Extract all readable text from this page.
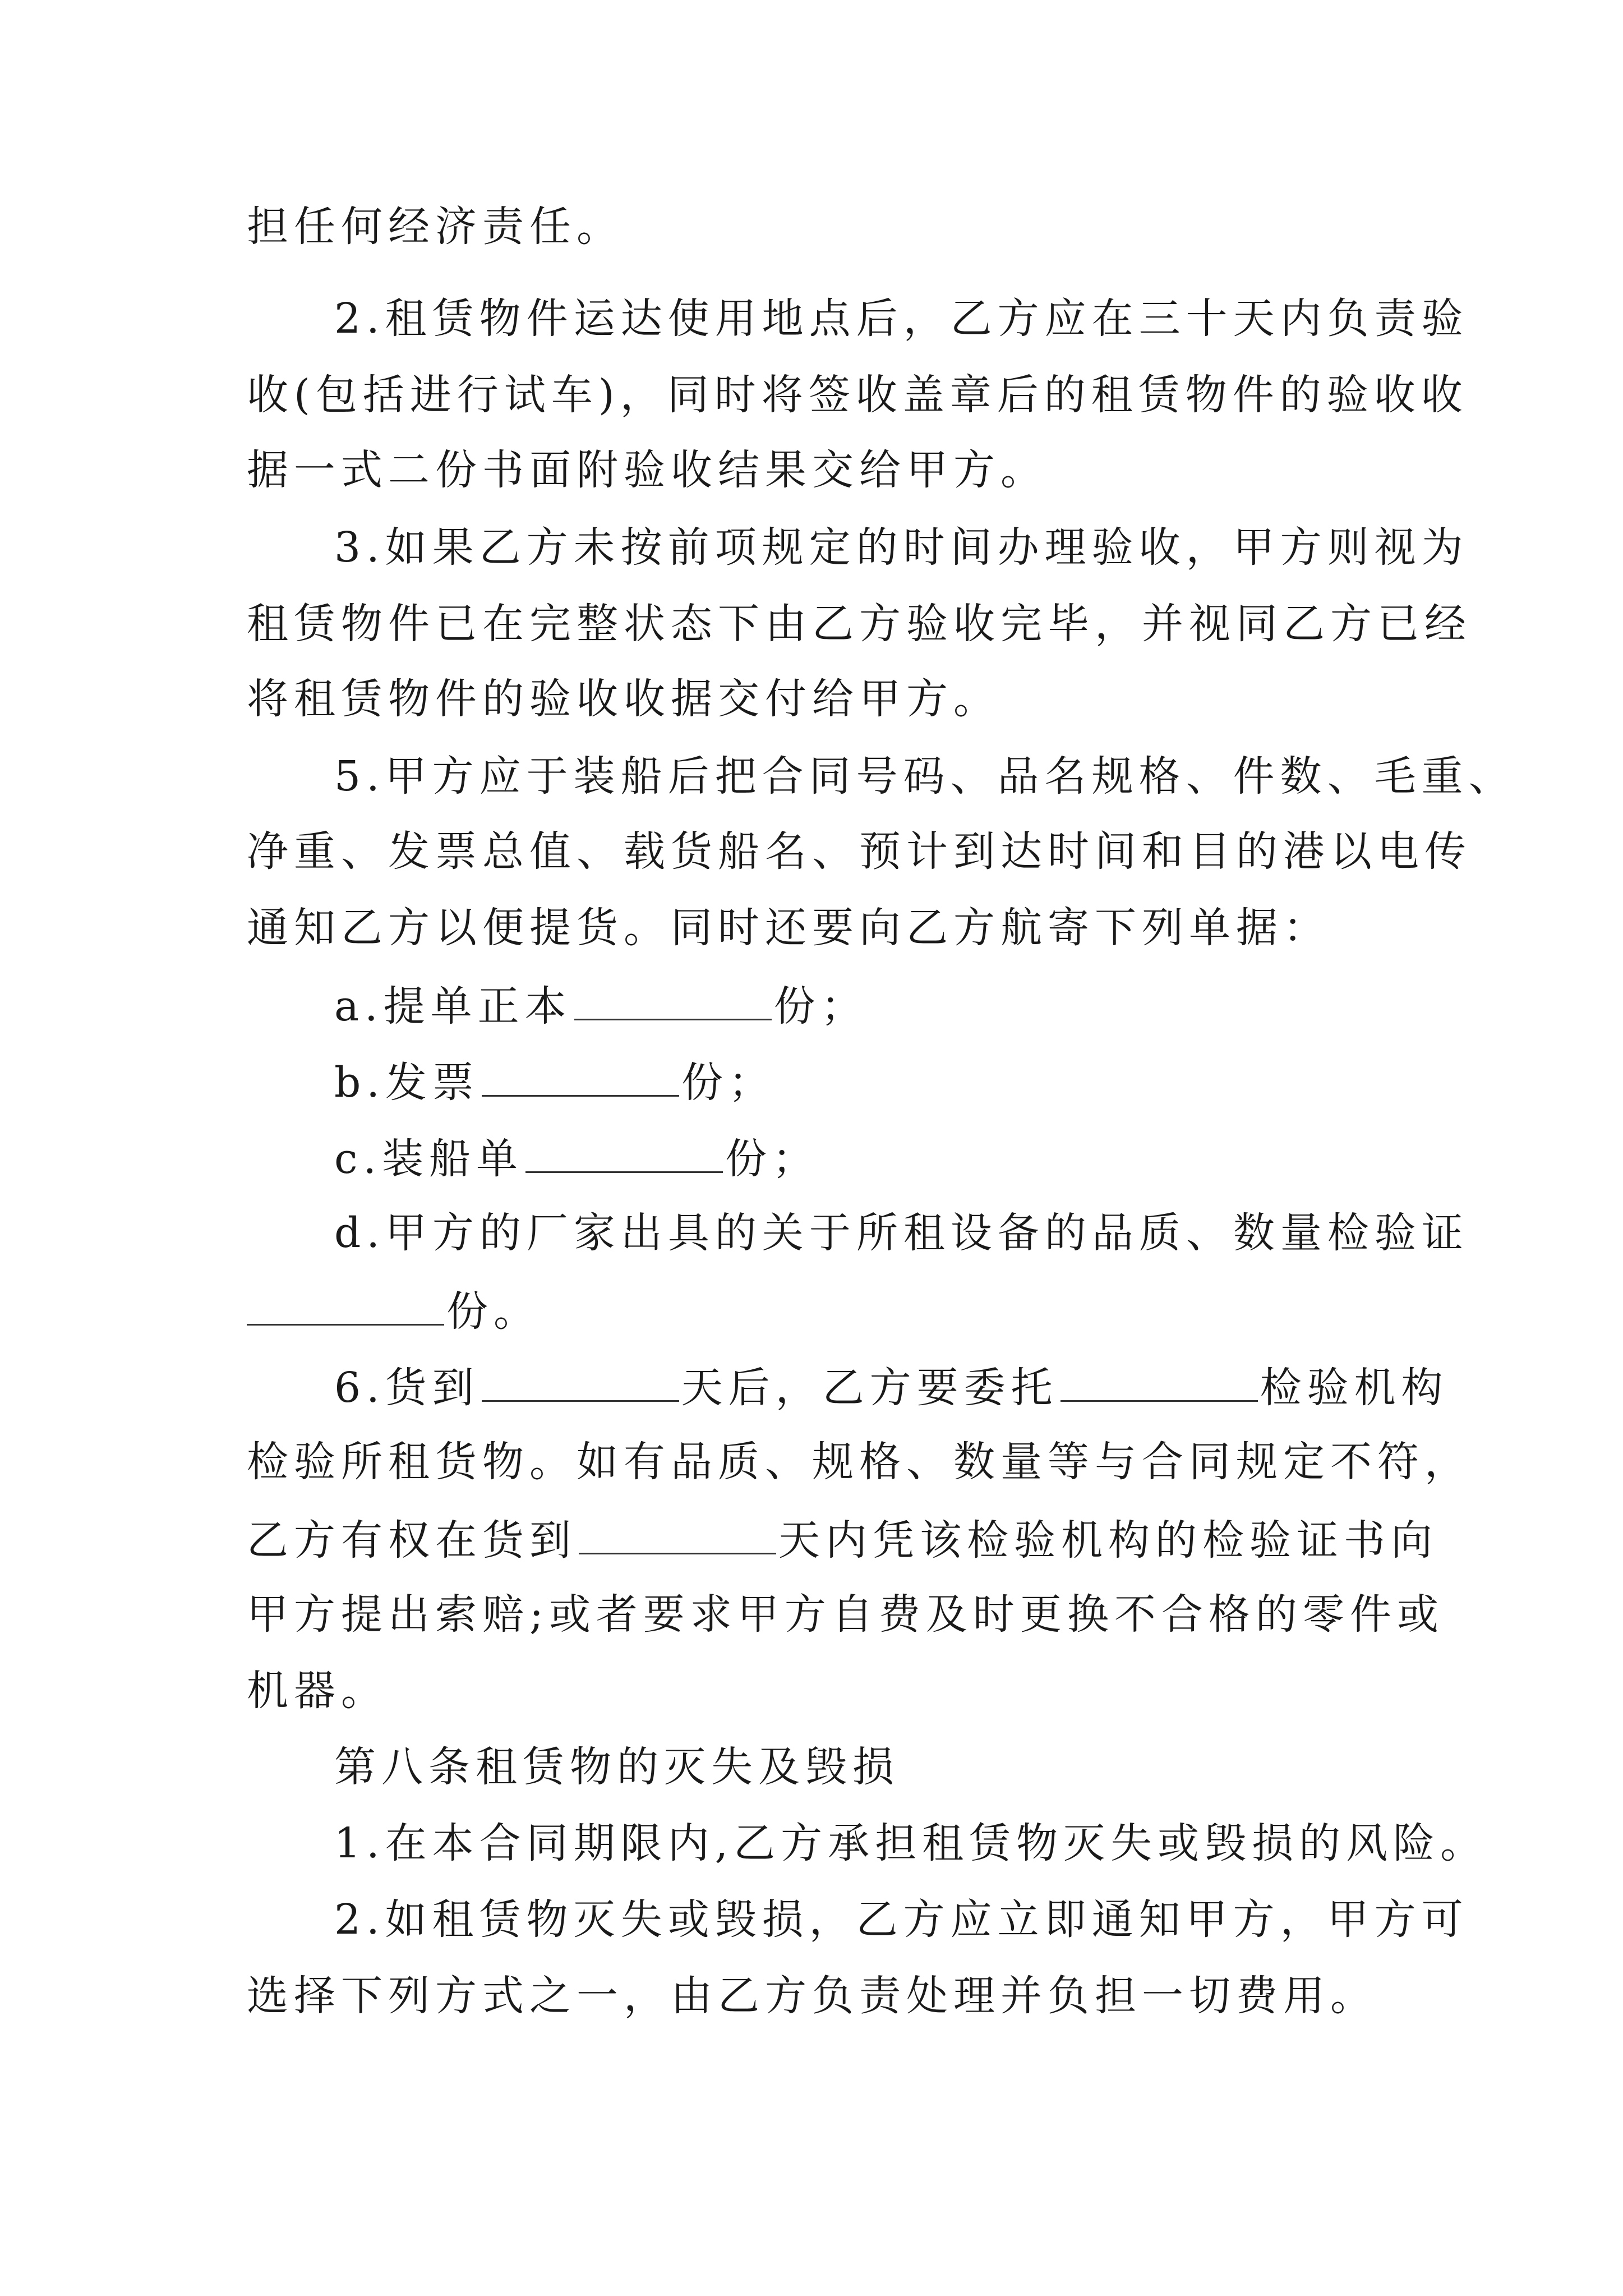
担任何经济责任。
2.租赁物件运达使用地点后，乙方应在三十天内负责验
收(包括进行试车)，同时将签收盖章后的租赁物件的验收收
据一式二份书面附验收结果交给甲方。
3.如果乙方未按前项规定的时间办理验收，甲方则视为
租赁物件已在完整状态下由乙方验收完毕，并视同乙方已经
将租赁物件的验收收据交付给甲方。
5.甲方应于装船后把合同号码、品名规格、件数、毛重、
净重、发票总值、载货船名、预计到达时间和目的港以电传
通知乙方以便提货。同时还要向乙方航寄下列单据：
a.提单正本	份；
b.发票	份；
c.装船单	份；
d.甲方的厂家出具的关于所租设备的品质、数量检验证
份。
6.货到	天后，乙方要委托	检验机构
检验所租货物。如有品质、规格、数量等与合同规定不符，
乙方有权在货到	天内凭该检验机构的检验证书向
甲方提出索赔;或者要求甲方自费及时更换不合格的零件或
机器。
第八条租赁物的灭失及毁损
1.在本合同期限内,乙方承担租赁物灭失或毁损的风险。
2.如租赁物灭失或毁损，乙方应立即通知甲方，甲方可
选择下列方式之一，由乙方负责处理并负担一切费用。
